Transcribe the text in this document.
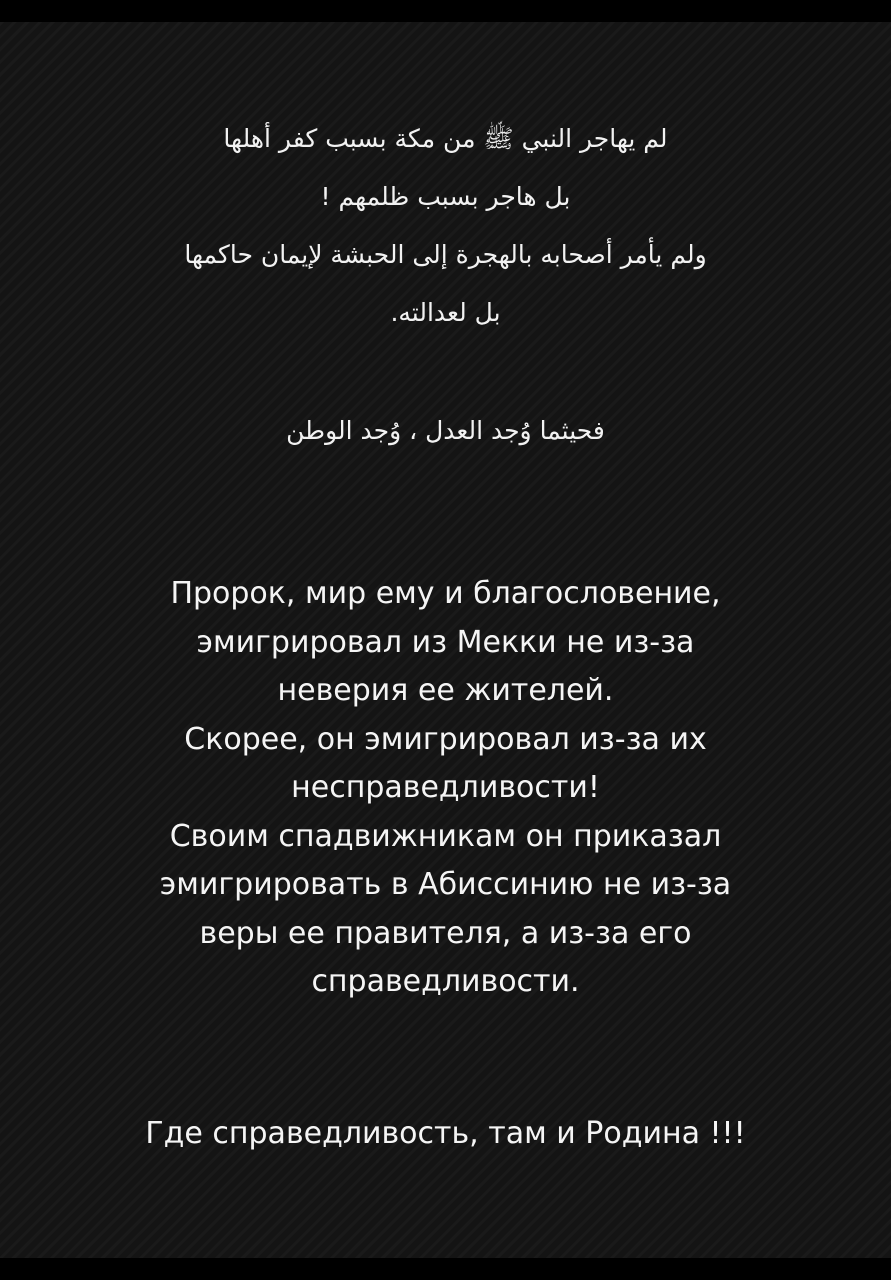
لم يهاجر النبي ﷺ من مكة بسبب كفر أهلها
بل هاجر بسبب ظلمهم !
ولم يأمر أصحابه بالهجرة إلى الحبشة لإيمان حاكمها
بل لعدالته.
فحيثما وُجد العدل ، وُجد الوطن
Пророк, мир ему и благословение,
эмигрировал из Мекки не из-за
неверия ее жителей.
Скорее, он эмигрировал из-за их
несправедливости!
Своим спадвижникам он приказал
эмигрировать в Абиссинию не из-за
веры ее правителя, а из-за его
справедливости.
Где справедливость, там и Родина !!!
